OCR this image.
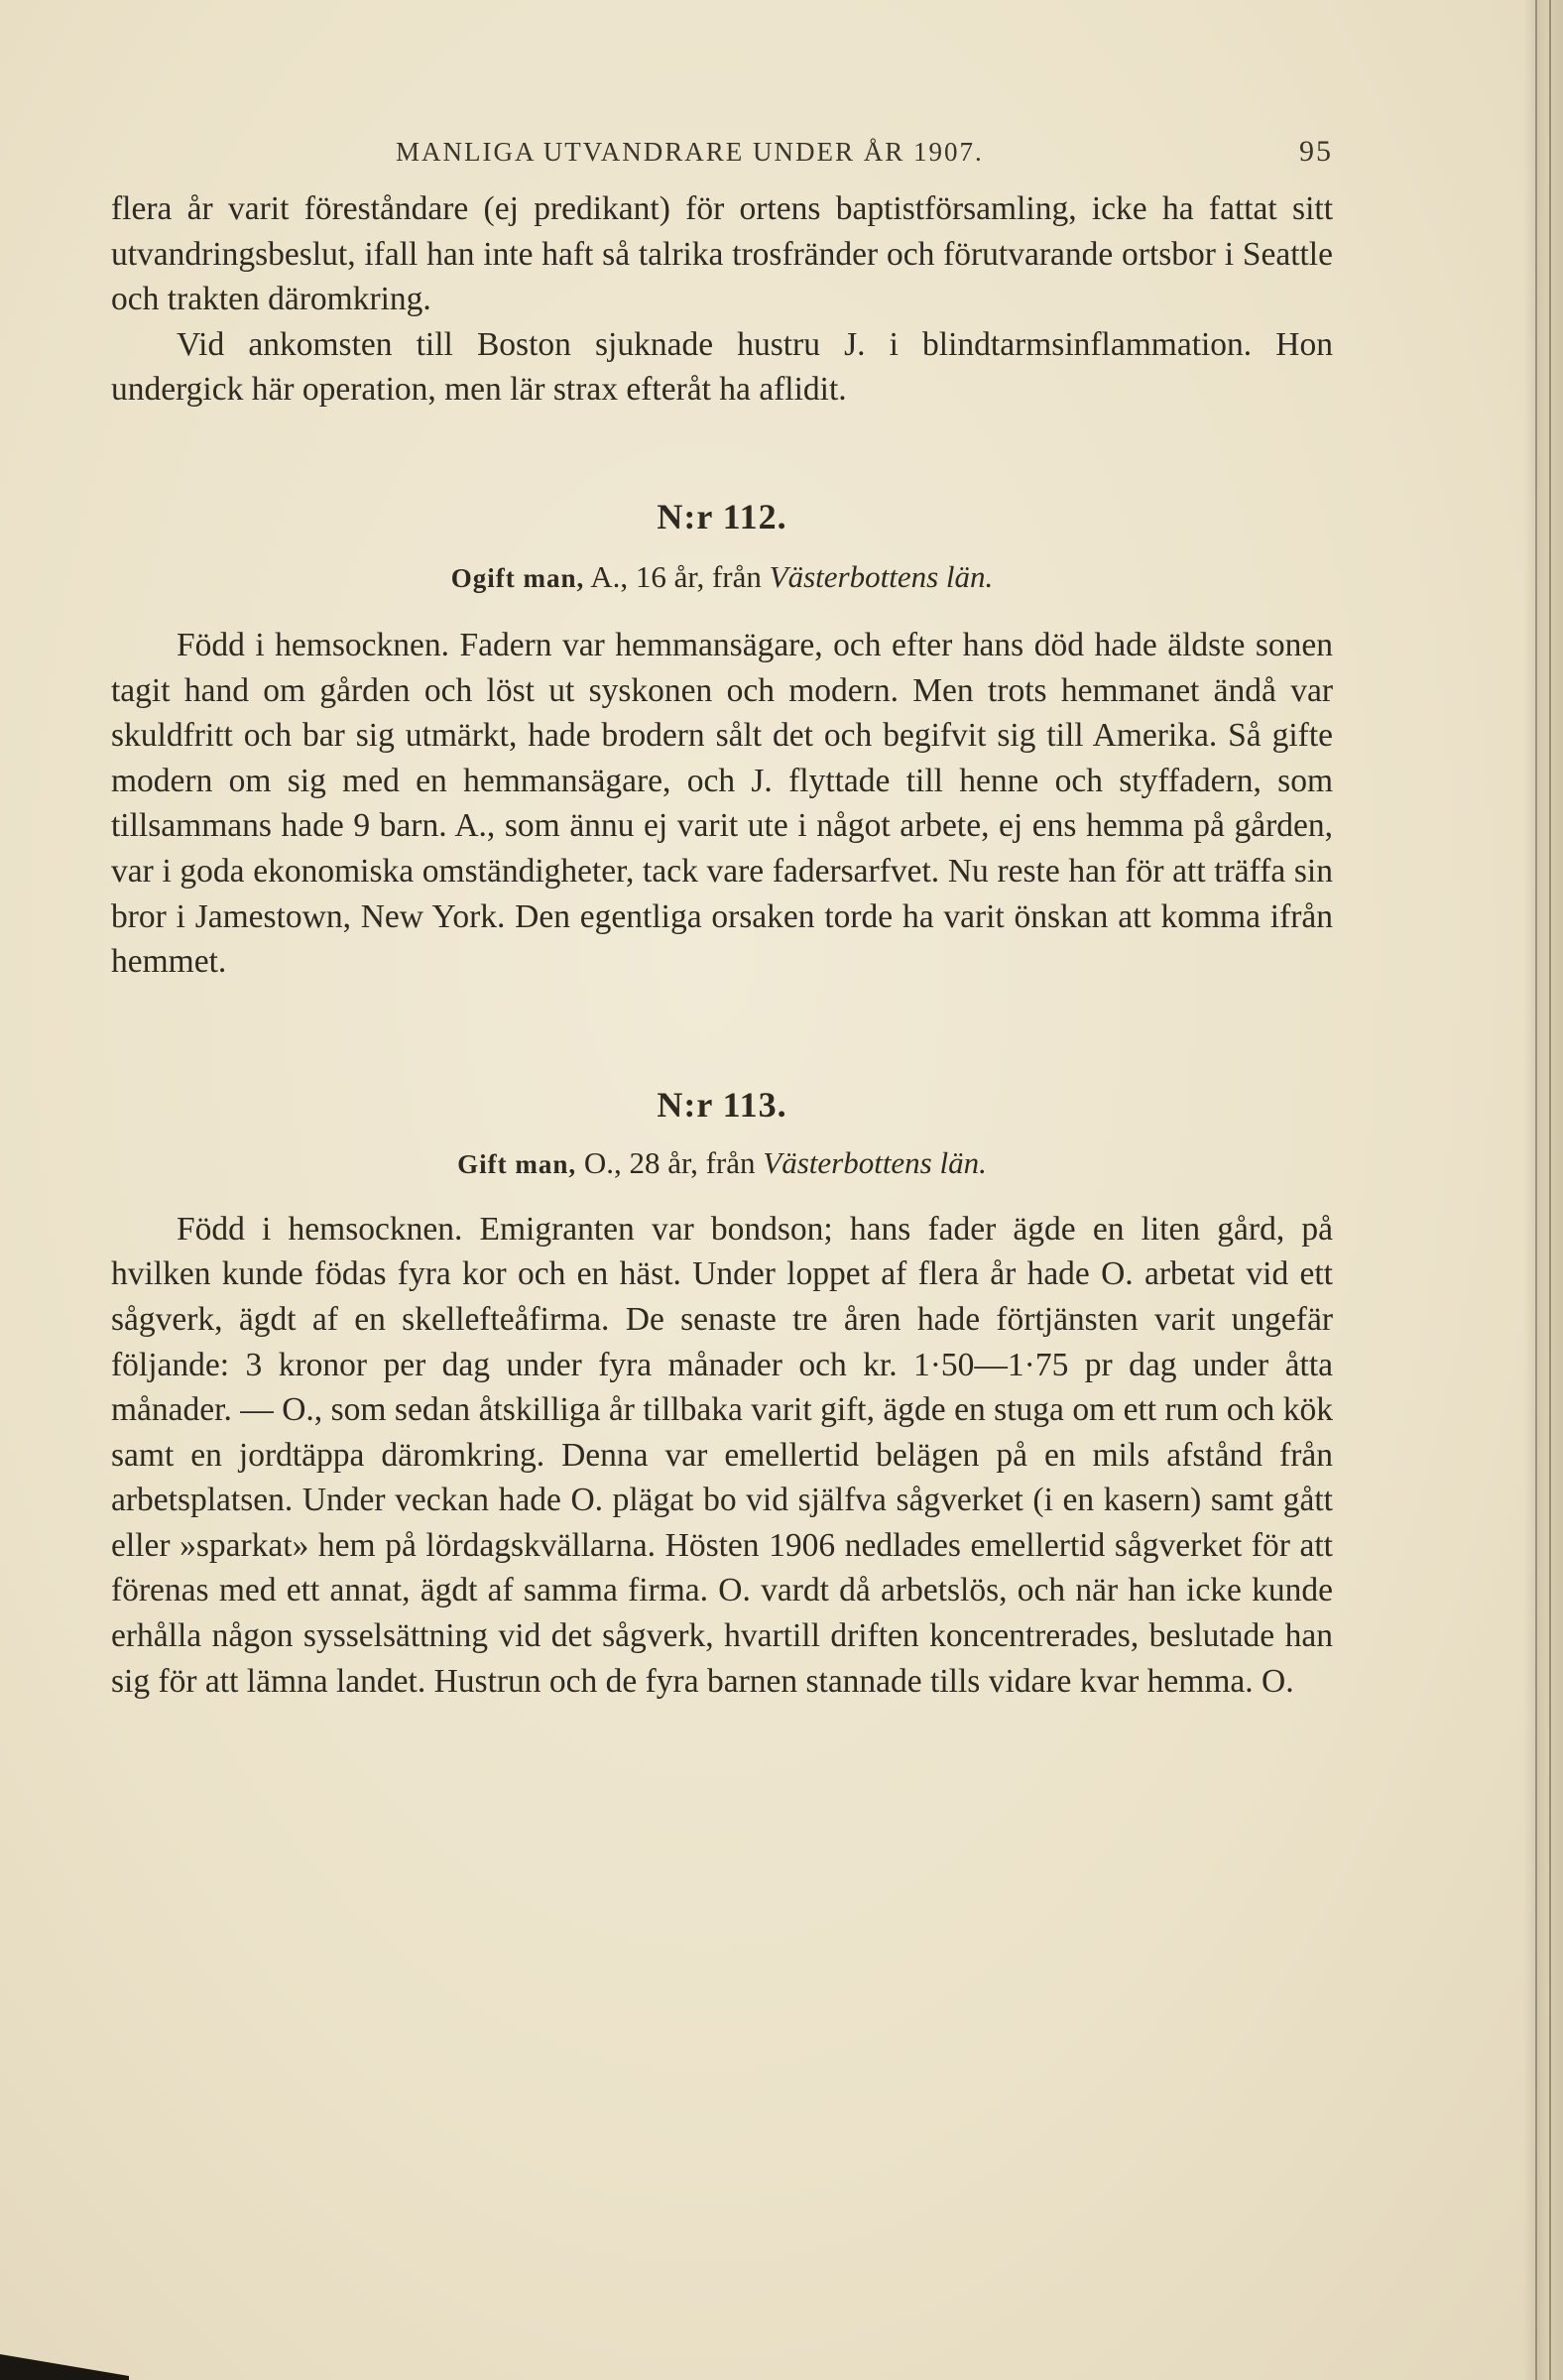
MANLIGA UTVANDRARE UNDER ÅR 1907.	95

flera år varit föreståndare (ej predikant) för ortens baptistförsamling, icke ha fattat sitt utvandringsbeslut, ifall han inte haft så talrika trosfränder och förutvarande ortsbor i Seattle och trakten däromkring.

Vid ankomsten till Boston sjuknade hustru J. i blindtarmsinflammation. Hon undergick här operation, men lär strax efteråt ha aflidit.

N:r 112.

Ogift man, A., 16 år, från Västerbottens län.

Född i hemsocknen. Fadern var hemmansägare, och efter hans död hade äldste sonen tagit hand om gården och löst ut syskonen och modern. Men trots hemmanet ändå var skuldfritt och bar sig utmärkt, hade brodern sålt det och begifvit sig till Amerika. Så gifte modern om sig med en hemmansägare, och J. flyttade till henne och styffadern, som tillsammans hade 9 barn. A., som ännu ej varit ute i något arbete, ej ens hemma på gården, var i goda ekonomiska omständigheter, tack vare fadersarfvet. Nu reste han för att träffa sin bror i Jamestown, New York. Den egentliga orsaken torde ha varit önskan att komma ifrån hemmet.

N:r 113.

Gift man, O., 28 år, från Västerbottens län.

Född i hemsocknen. Emigranten var bondson; hans fader ägde en liten gård, på hvilken kunde födas fyra kor och en häst. Under loppet af flera år hade O. arbetat vid ett sågverk, ägdt af en skellefteåfirma. De senaste tre åren hade förtjänsten varit ungefär följande: 3 kronor per dag under fyra månader och kr. 1·50—1·75 pr dag under åtta månader. — O., som sedan åtskilliga år tillbaka varit gift, ägde en stuga om ett rum och kök samt en jordtäppa däromkring. Denna var emellertid belägen på en mils afstånd från arbetsplatsen. Under veckan hade O. plägat bo vid själfva sågverket (i en kasern) samt gått eller »sparkat» hem på lördagskvällarna. Hösten 1906 nedlades emellertid sågverket för att förenas med ett annat, ägdt af samma firma. O. vardt då arbetslös, och när han icke kunde erhålla någon sysselsättning vid det sågverk, hvartill driften koncentrerades, beslutade han sig för att lämna landet. Hustrun och de fyra barnen stannade tills vidare kvar hemma. O.
